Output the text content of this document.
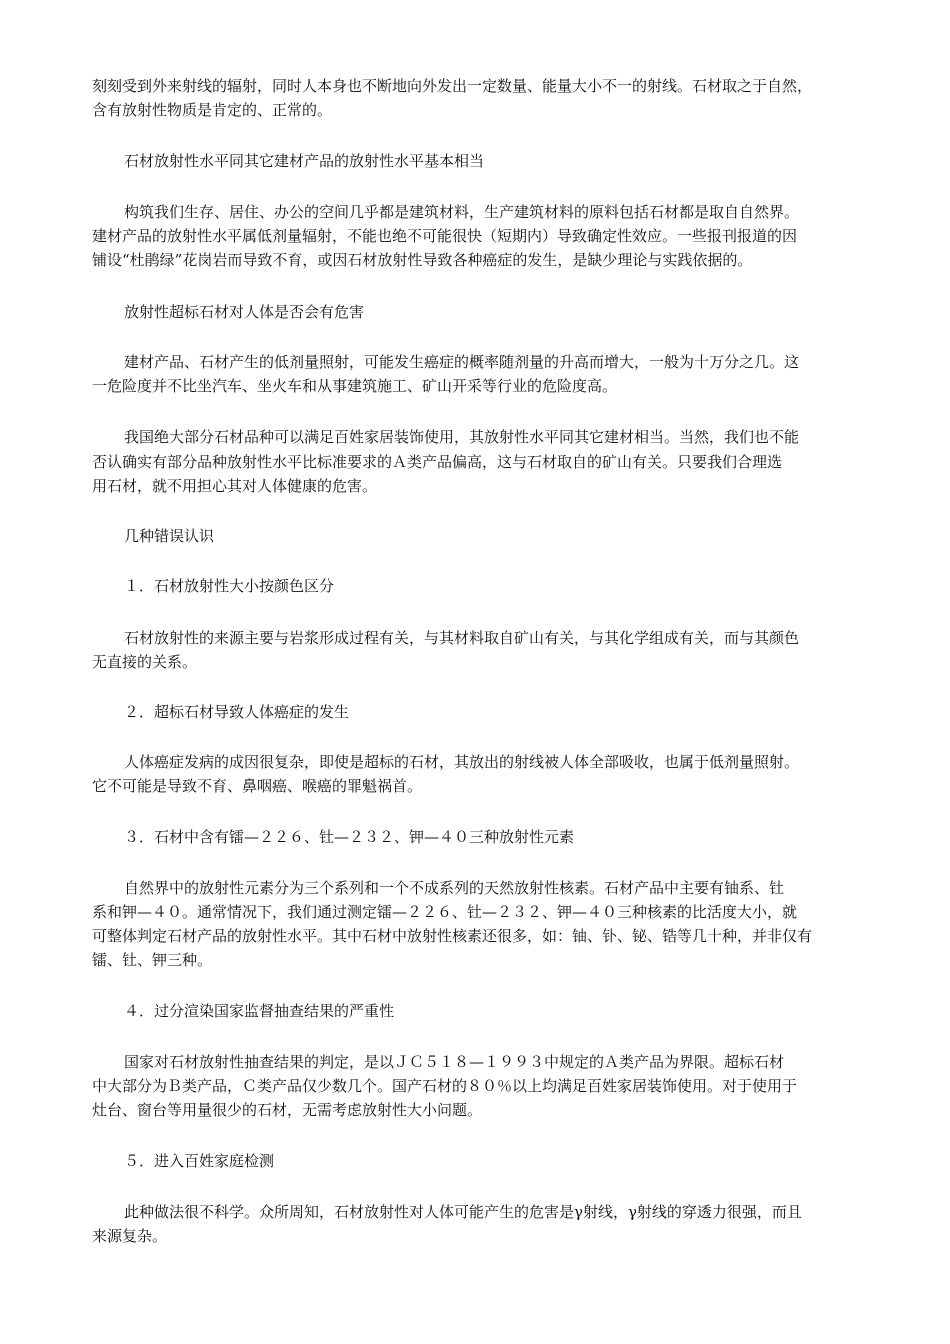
刻刻受到外来射线的辐射，同时人本身也不断地向外发出一定数量、能量大小不一的射线。石材取之于自然，

含有放射性物质是肯定的、正常的。

石材放射性水平同其它建材产品的放射性水平基本相当

构筑我们生存、居住、办公的空间几乎都是建筑材料，生产建筑材料的原料包括石材都是取自自然界。

建材产品的放射性水平属低剂量辐射，不能也绝不可能很快（短期内）导致确定性效应。一些报刊报道的因

铺设“杜鹃绿”花岗岩而导致不育，或因石材放射性导致各种癌症的发生，是缺少理论与实践依据的。

放射性超标石材对人体是否会有危害

建材产品、石材产生的低剂量照射，可能发生癌症的概率随剂量的升高而增大，一般为十万分之几。这

一危险度并不比坐汽车、坐火车和从事建筑施工、矿山开采等行业的危险度高。

我国绝大部分石材品种可以满足百姓家居装饰使用，其放射性水平同其它建材相当。当然，我们也不能

否认确实有部分品种放射性水平比标准要求的Ａ类产品偏高，这与石材取自的矿山有关。只要我们合理选

用石材，就不用担心其对人体健康的危害。

几种错误认识

１．石材放射性大小按颜色区分

石材放射性的来源主要与岩浆形成过程有关，与其材料取自矿山有关，与其化学组成有关，而与其颜色

无直接的关系。

２．超标石材导致人体癌症的发生

人体癌症发病的成因很复杂，即使是超标的石材，其放出的射线被人体全部吸收，也属于低剂量照射。

它不可能是导致不育、鼻咽癌、喉癌的罪魁祸首。

３．石材中含有镭—２２６、钍—２３２、钾—４０三种放射性元素

自然界中的放射性元素分为三个系列和一个不成系列的天然放射性核素。石材产品中主要有铀系、钍

系和钾—４０。通常情况下，我们通过测定镭—２２６、钍—２３２、钾—４０三种核素的比活度大小，就

可整体判定石材产品的放射性水平。其中石材中放射性核素还很多，如：铀、钋、铋、锆等几十种，并非仅有

镭、钍、钾三种。

４．过分渲染国家监督抽查结果的严重性

国家对石材放射性抽查结果的判定，是以ＪＣ５１８—１９９３中规定的Ａ类产品为界限。超标石材

中大部分为Ｂ类产品，Ｃ类产品仅少数几个。国产石材的８０％以上均满足百姓家居装饰使用。对于使用于

灶台、窗台等用量很少的石材，无需考虑放射性大小问题。

５．进入百姓家庭检测

此种做法很不科学。众所周知，石材放射性对人体可能产生的危害是γ射线，γ射线的穿透力很强，而且

来源复杂。
